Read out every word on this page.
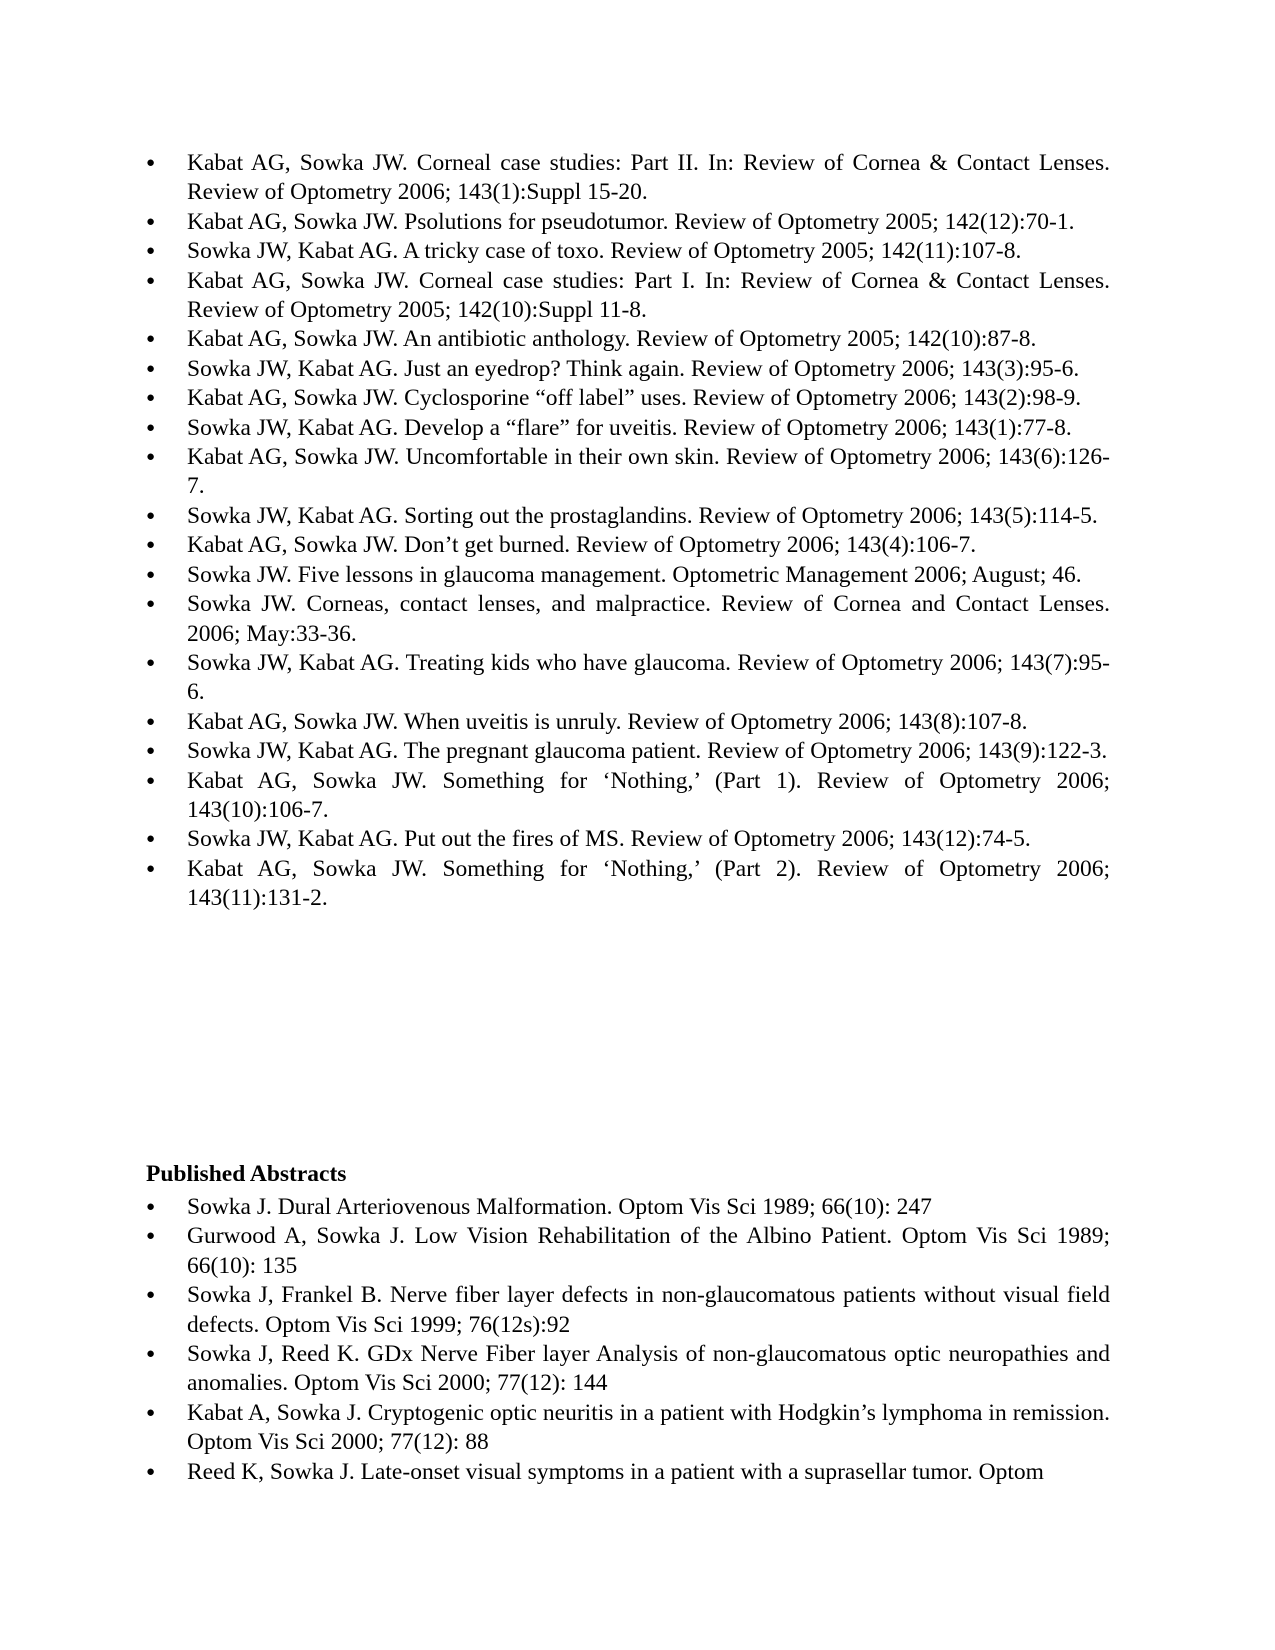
●	Kabat AG, Sowka JW. Corneal case studies: Part II. In: Review of Cornea & Contact Lenses. Review of Optometry 2006; 143(1):Suppl 15-20.
●	Kabat AG, Sowka JW. Psolutions for pseudotumor. Review of Optometry 2005; 142(12):70-1.
●	Sowka JW, Kabat AG. A tricky case of toxo. Review of Optometry 2005; 142(11):107-8.
●	Kabat AG, Sowka JW. Corneal case studies: Part I. In: Review of Cornea & Contact Lenses. Review of Optometry 2005; 142(10):Suppl 11-8.
●	Kabat AG, Sowka JW. An antibiotic anthology. Review of Optometry 2005; 142(10):87-8.
●	Sowka JW, Kabat AG. Just an eyedrop? Think again. Review of Optometry 2006; 143(3):95-6.
●	Kabat AG, Sowka JW. Cyclosporine “off label” uses. Review of Optometry 2006; 143(2):98-9.
●	Sowka JW, Kabat AG. Develop a “flare” for uveitis. Review of Optometry 2006; 143(1):77-8.
●	Kabat AG, Sowka JW. Uncomfortable in their own skin. Review of Optometry 2006; 143(6):126-7.
●	Sowka JW, Kabat AG. Sorting out the prostaglandins. Review of Optometry 2006; 143(5):114-5.
●	Kabat AG, Sowka JW. Don’t get burned. Review of Optometry 2006; 143(4):106-7.
●	Sowka JW. Five lessons in glaucoma management. Optometric Management 2006; August; 46.
●	Sowka JW. Corneas, contact lenses, and malpractice. Review of Cornea and Contact Lenses. 2006; May:33-36.
●	Sowka JW, Kabat AG. Treating kids who have glaucoma. Review of Optometry 2006; 143(7):95-6.
●	Kabat AG, Sowka JW. When uveitis is unruly. Review of Optometry 2006; 143(8):107-8.
●	Sowka JW, Kabat AG. The pregnant glaucoma patient. Review of Optometry 2006; 143(9):122-3.
●	Kabat AG, Sowka JW. Something for ‘Nothing,’ (Part 1). Review of Optometry 2006; 143(10):106-7.
●	Sowka JW, Kabat AG. Put out the fires of MS. Review of Optometry 2006; 143(12):74-5.
●	Kabat AG, Sowka JW. Something for ‘Nothing,’ (Part 2). Review of Optometry 2006; 143(11):131-2.
Published Abstracts
●	Sowka J. Dural Arteriovenous Malformation. Optom Vis Sci 1989; 66(10): 247
●	Gurwood A, Sowka J. Low Vision Rehabilitation of the Albino Patient. Optom Vis Sci 1989; 66(10): 135
●	Sowka J, Frankel B. Nerve fiber layer defects in non-glaucomatous patients without visual field defects. Optom Vis Sci 1999; 76(12s):92
●	Sowka J, Reed K. GDx Nerve Fiber layer Analysis of non-glaucomatous optic neuropathies and anomalies. Optom Vis Sci 2000; 77(12): 144
●	Kabat A, Sowka J. Cryptogenic optic neuritis in a patient with Hodgkin’s lymphoma in remission. Optom Vis Sci 2000; 77(12): 88
●	Reed K, Sowka J. Late-onset visual symptoms in a patient with a suprasellar tumor. Optom
